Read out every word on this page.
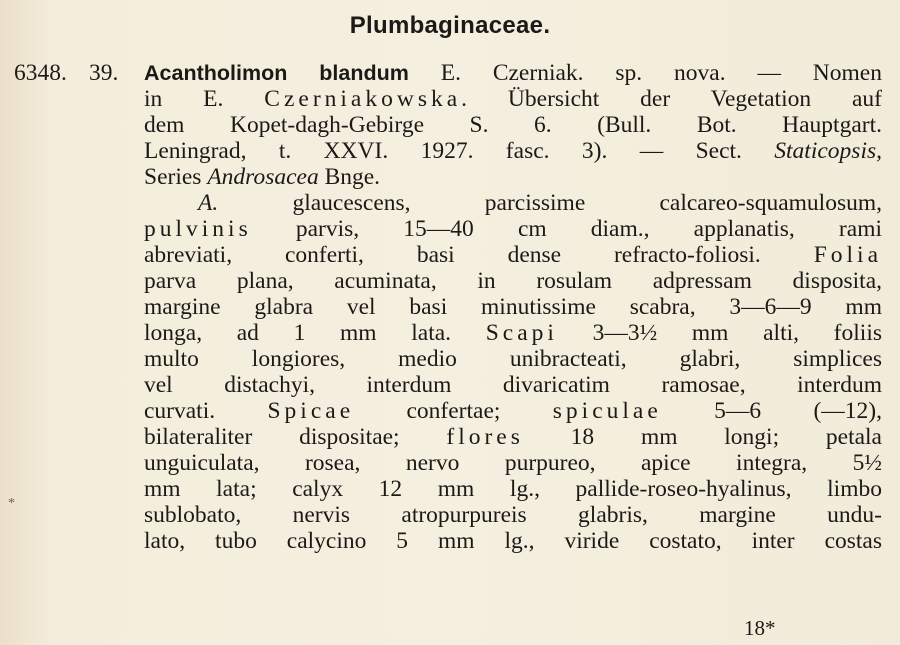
Plumbaginaceae.
6348. 39. Acantholimon blandum E. Czerniak. sp. nova. — Nomen
in E. Czerniakowska. Übersicht der Vegetation auf
dem Kopet-dagh-Gebirge S. 6. (Bull. Bot. Hauptgart.
Leningrad, t. XXVI. 1927. fasc. 3). — Sect. Staticopsis,
Series Androsacea Bnge.
A. glaucescens, parcissime calcareo-squamulosum,
pulvinis parvis, 15—40 cm diam., applanatis, rami
abreviati, conferti, basi dense refracto-foliosi. Folia
parva plana, acuminata, in rosulam adpressam disposita,
margine glabra vel basi minutissime scabra, 3—6—9 mm
longa, ad 1 mm lata. Scapi 3—3½ mm alti, foliis
multo longiores, medio unibracteati, glabri, simplices
vel distachyi, interdum divaricatim ramosae, interdum
curvati. Spicae confertae; spiculae 5—6 (—12),
bilateraliter dispositae; flores 18 mm longi; petala
unguiculata, rosea, nervo purpureo, apice integra, 5½
mm lata; calyx 12 mm lg., pallide-roseo-hyalinus, limbo
sublobato, nervis atropurpureis glabris, margine undu-
lato, tubo calycino 5 mm lg., viride costato, inter costas
*
18*
